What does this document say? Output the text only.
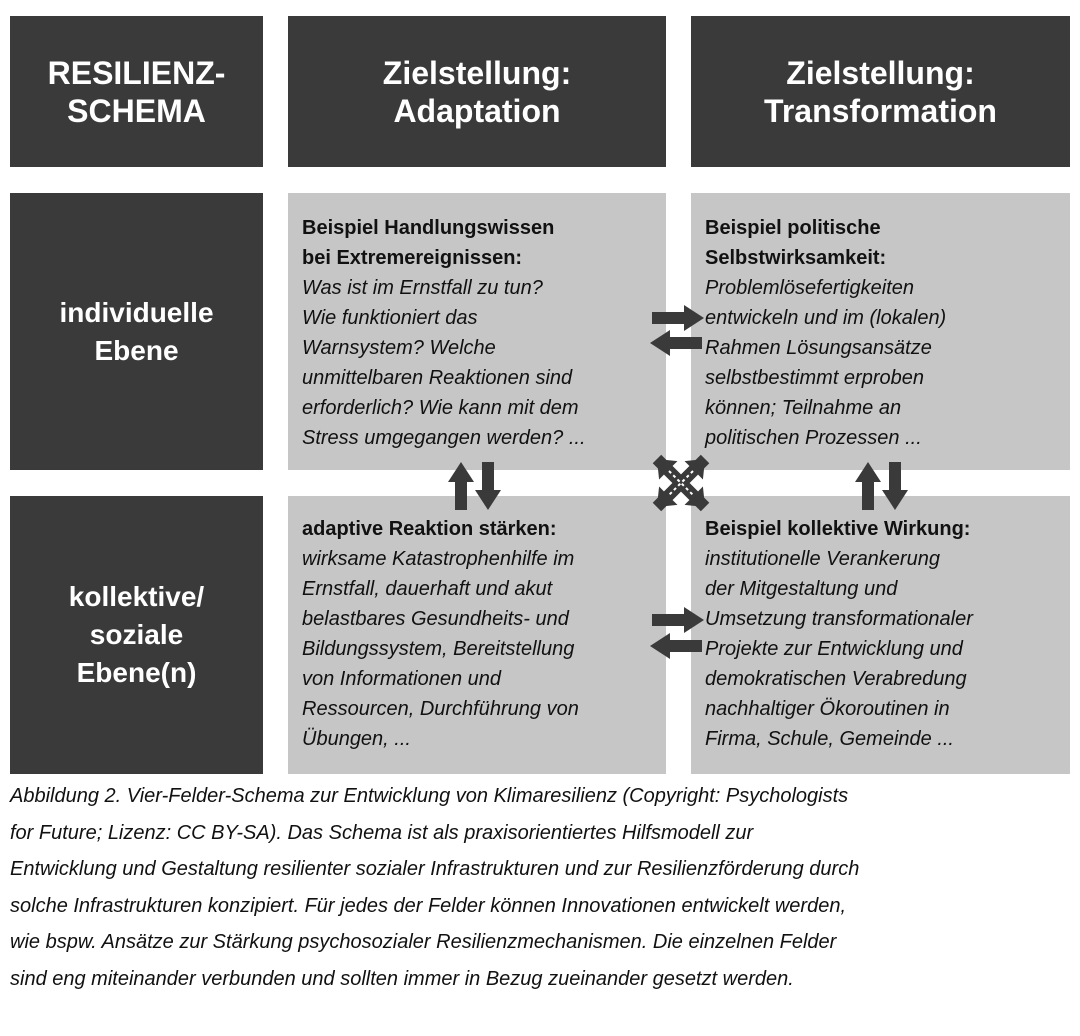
RESILIENZ-
SCHEMA
Zielstellung:
Adaptation
Zielstellung:
Transformation
individuelle
Ebene
kollektive/
soziale
Ebene(n)
Beispiel Handlungswissen
bei Extremereignissen:
Was ist im Ernstfall zu tun?
Wie funktioniert das
Warnsystem? Welche
unmittelbaren Reaktionen sind
erforderlich? Wie kann mit dem
Stress umgegangen werden? ...
Beispiel politische
Selbstwirksamkeit:
Problemlösefertigkeiten
entwickeln und im (lokalen)
Rahmen Lösungsansätze
selbstbestimmt erproben
können; Teilnahme an
politischen Prozessen ...
adaptive Reaktion stärken:
wirksame Katastrophenhilfe im
Ernstfall, dauerhaft und akut
belastbares Gesundheits- und
Bildungssystem, Bereitstellung
von Informationen und
Ressourcen, Durchführung von
Übungen, ...
Beispiel kollektive Wirkung:
institutionelle Verankerung
der Mitgestaltung und
Umsetzung transformationaler
Projekte zur Entwicklung und
demokratischen Verabredung
nachhaltiger Ökoroutinen in
Firma, Schule, Gemeinde ...
Abbildung 2. Vier-Felder-Schema zur Entwicklung von Klimaresilienz (Copyright: Psychologists
for Future; Lizenz: CC BY-SA). Das Schema ist als praxisorientiertes Hilfsmodell zur
Entwicklung und Gestaltung resilienter sozialer Infrastrukturen und zur Resilienzförderung durch
solche Infrastrukturen konzipiert. Für jedes der Felder können Innovationen entwickelt werden,
wie bspw. Ansätze zur Stärkung psychosozialer Resilienzmechanismen. Die einzelnen Felder
sind eng miteinander verbunden und sollten immer in Bezug zueinander gesetzt werden.
